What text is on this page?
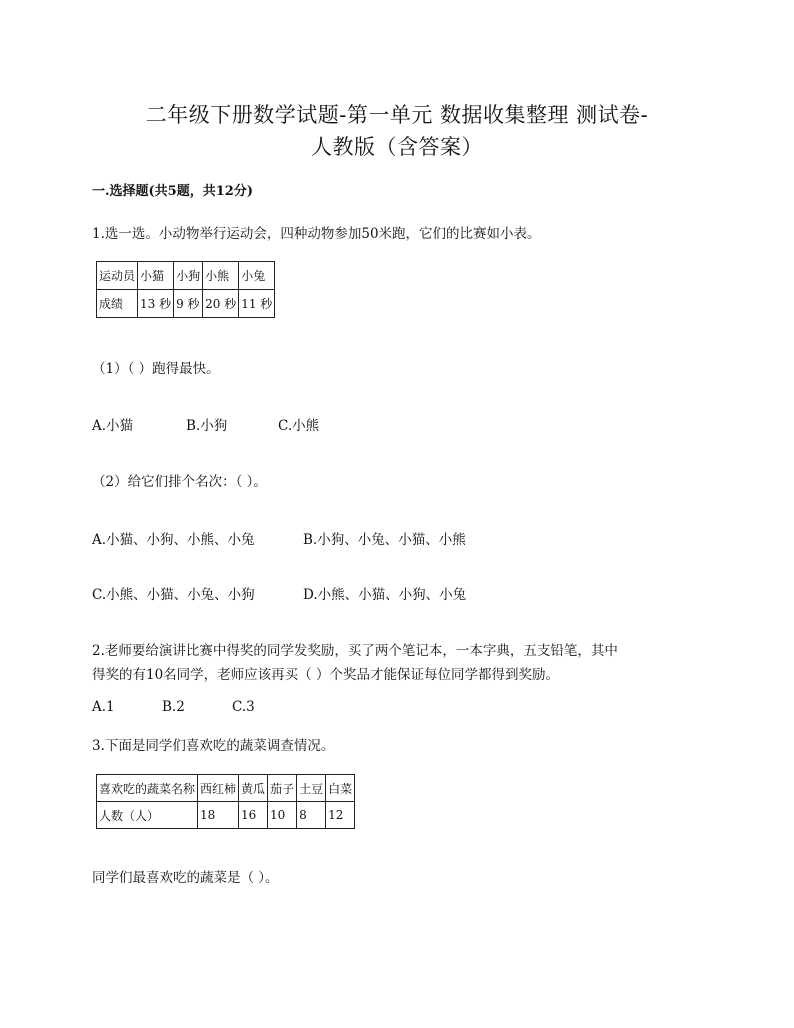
二年级下册数学试题-第一单元 数据收集整理 测试卷-
人教版（含答案）
一.选择题(共5题，共12分)
1.选一选。小动物举行运动会，四种动物参加50米跑，它们的比赛如小表。
运动员	小猫	小狗	小熊	小兔
成绩	13 秒	9 秒	20 秒	11 秒
（1）（ ）跑得最快。
A.小猫	B.小狗	C.小熊
（2）给它们排个名次：（ ）。
A.小猫、小狗、小熊、小兔	B.小狗、小兔、小猫、小熊
C.小熊、小猫、小兔、小狗	D.小熊、小猫、小狗、小兔
2.老师要给演讲比赛中得奖的同学发奖励，买了两个笔记本，一本字典，五支铅笔，其中
得奖的有10名同学，老师应该再买（ ）个奖品才能保证每位同学都得到奖励。
A.1	B.2	C.3
3.下面是同学们喜欢吃的蔬菜调查情况。
喜欢吃的蔬菜名称	西红柿	黄瓜	茄子	土豆	白菜
人数（人）	18	16	10	8	12
同学们最喜欢吃的蔬菜是（ ）。
